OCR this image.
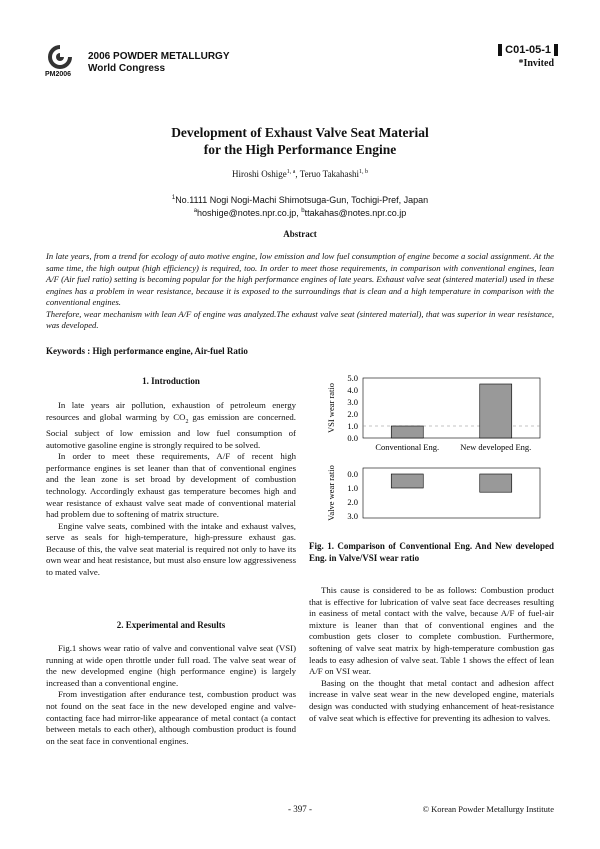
PM2006
2006 POWDER METALLURGY
World Congress
C01-05-1
*Invited
Development of Exhaust Valve Seat Material
for the High Performance Engine
Hiroshi Oshige$^{1, a}$, Teruo Takahashi$^{1, b}$
$^1$No.1111 Nogi Nogi-Machi Shimotsuga-Gun, Tochigi-Pref, Japan
$^a$hoshige@notes.npr.co.jp, $^b$ttakahas@notes.npr.co.jp
Abstract
In late years, from a trend for ecology of auto motive engine, low emission and low fuel consumption of engine become a social assignment. At the same time, the high output (high efficiency) is required, too. In order to meet those requirements, in comparison with conventional engines, lean A/F (Air fuel ratio) setting is becoming popular for the high performance engines of late years. Exhaust valve seat (sintered material) used in these engines has a problem in wear resistance, because it is exposed to the surroundings that is clean and a high temperature in comparison with the conventional engines.
Therefore, wear mechanism with lean A/F of engine was analyzed.The exhaust valve seat (sintered material), that was superior in wear resistance, was developed.
Keywords : High performance engine, Air-fuel Ratio
1. Introduction

In late years air pollution, exhaustion of petroleum energy resources and global warming by $CO_2$ gas emission are concerned. Social subject of low emission and low fuel consumption of automotive gasoline engine is strongly required to be solved.

In order to meet these requirements, A/F of recent high performance engines is set leaner than that of conventional engines and the lean zone is set broad by development of combustion technology. Accordingly exhaust gas temperature becomes high and wear resistance of exhaust valve seat made of conventional material had problem due to softening of matrix structure.

Engine valve seats, combined with the intake and exhaust valves, serve as seals for high-temperature, high-pressure exhaust gas. Because of this, the valve seat material is required not only to have its own wear and heat resistance, but must also ensure low aggressiveness to mated valve.

2. Experimental and Results

Fig.1 shows wear ratio of valve and conventional valve seat (VSI) running at wide open throttle under full road. The valve seat wear of the new developmed engine (high performance engine) is largely increased than a conventional engine.

From investigation after endurance test, combustion product was not found on the seat face in the new developed engine and valve-contacting face had mirror-like appearance of metal contact (a contact between metals to each other), although combustion product is found on the seat face in conventional engines.

0.0
1.0
2.0
3.0
4.0
5.0
Conventional Eng. New developed Eng.
VSI wear ratio
0.0
1.0
2.0
3.0
Valve wear ratio
Fig. 1. Comparison of Conventional Eng. And New developed Eng. in Valve/VSI wear ratio

This cause is considered to be as follows: Combustion product that is effective for lubrication of valve seat face decreases resulting in easiness of metal contact with the valve, because A/F of fuel-air mixture is leaner than that of conventional engines and the combustion gets closer to complete combustion. Furthermore, softening of valve seat matrix by high-temperature combustion gas leads to easy adhesion of valve seat. Table 1 shows the effect of lean A/F on VSI wear.

Basing on the thought that metal contact and adhesion affect increase in valve seat wear in the new developed engine, materials design was conducted with studying enhancement of heat-resistance of valve seat which is effective for preventing its adhesion to valves.

- 397 -	© Korean Powder Metallurgy Institute
